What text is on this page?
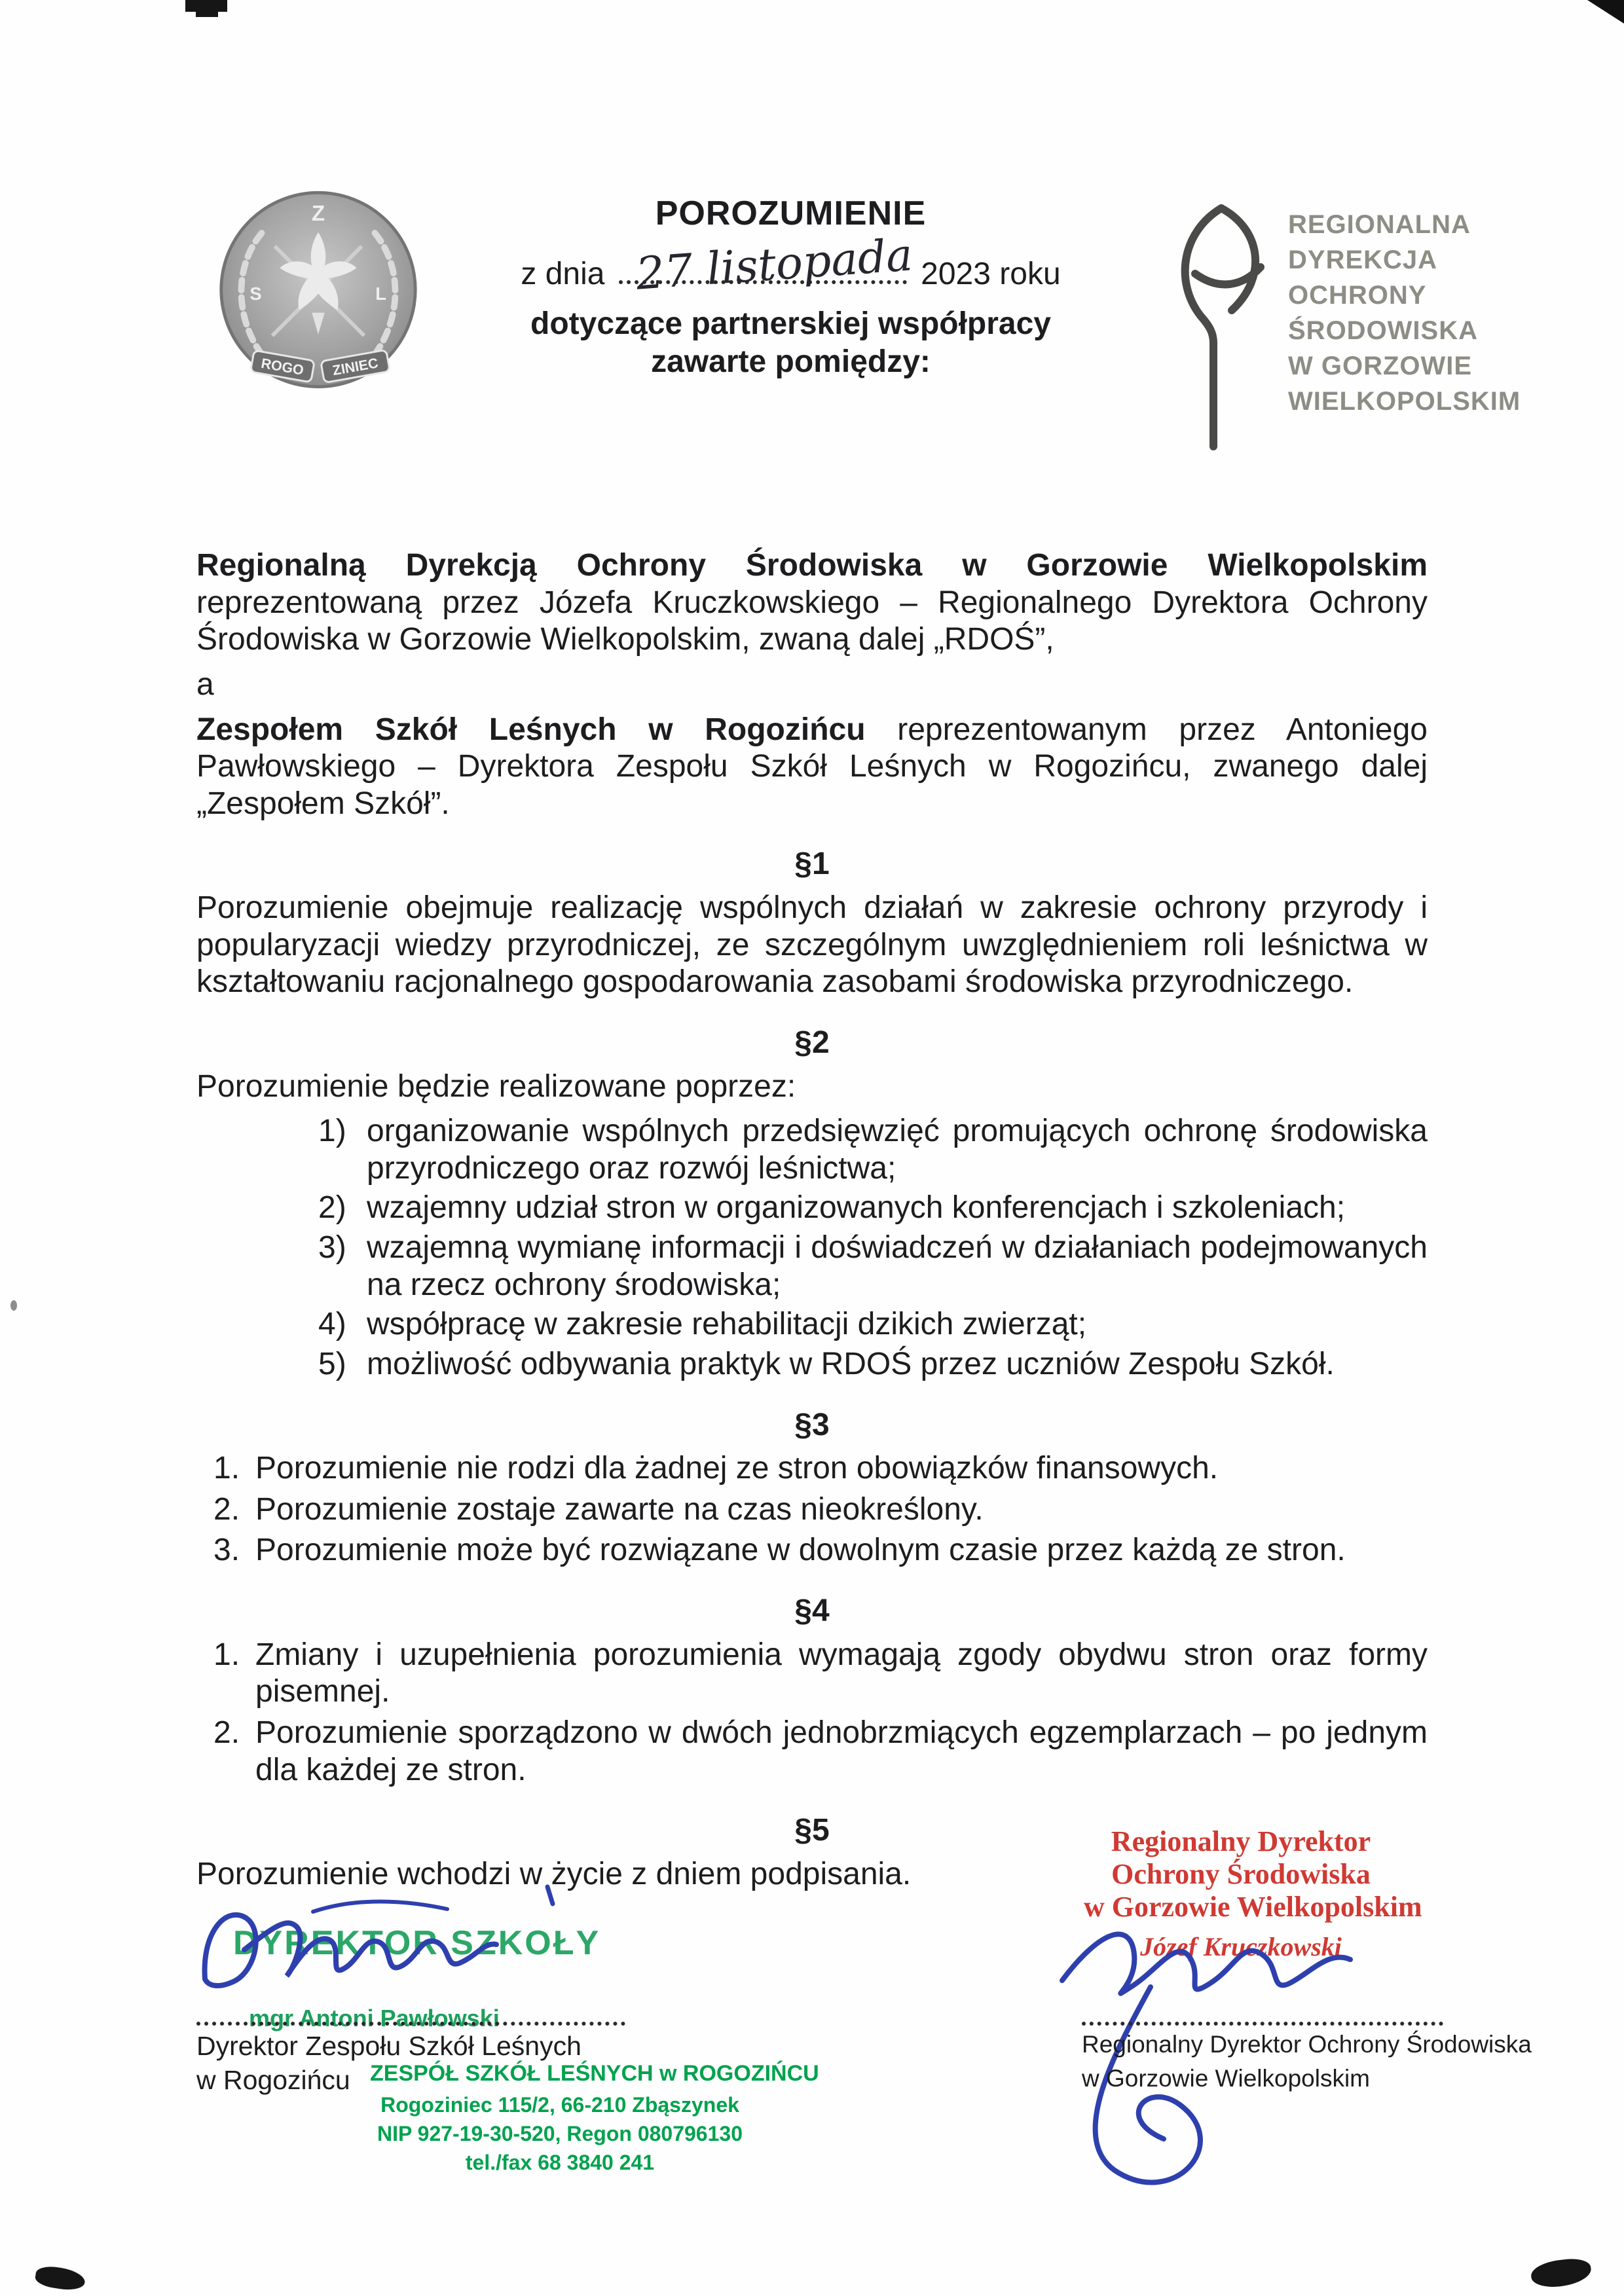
Z
S	L
ROGO ZINIEC
POROZUMIENIE
z dnia 27 listopada 2023 roku
dotyczące partnerskiej współpracy
zawarte pomiędzy:
REGIONALNA
DYREKCJA
OCHRONY
ŚRODOWISKA
W GORZOWIE
WIELKOPOLSKIM

Regionalną Dyrekcją Ochrony Środowiska w Gorzowie Wielkopolskim reprezentowaną przez Józefa Kruczkowskiego – Regionalnego Dyrektora Ochrony Środowiska w Gorzowie Wielkopolskim, zwaną dalej „RDOŚ”,

a

Zespołem Szkół Leśnych w Rogozińcu reprezentowanym przez Antoniego Pawłowskiego – Dyrektora Zespołu Szkół Leśnych w Rogozińcu, zwanego dalej „Zespołem Szkół”.

§1

Porozumienie obejmuje realizację wspólnych działań w zakresie ochrony przyrody i popularyzacji wiedzy przyrodniczej, ze szczególnym uwzględnieniem roli leśnictwa w kształtowaniu racjonalnego gospodarowania zasobami środowiska przyrodniczego.

§2

Porozumienie będzie realizowane poprzez:

1) organizowanie wspólnych przedsięwzięć promujących ochronę środowiska przyrodniczego oraz rozwój leśnictwa;
2) wzajemny udział stron w organizowanych konferencjach i szkoleniach;
3) wzajemną wymianę informacji i doświadczeń w działaniach podejmowanych na rzecz ochrony środowiska;
4) współpracę w zakresie rehabilitacji dzikich zwierząt;
5) możliwość odbywania praktyk w RDOŚ przez uczniów Zespołu Szkół.
§3
1. Porozumienie nie rodzi dla żadnej ze stron obowiązków finansowych.
2. Porozumienie zostaje zawarte na czas nieokreślony.
3. Porozumienie może być rozwiązane w dowolnym czasie przez każdą ze stron.
§4
1. Zmiany i uzupełnienia porozumienia wymagają zgody obydwu stron oraz formy pisemnej.
2. Porozumienie sporządzono w dwóch jednobrzmiących egzemplarzach – po jednym dla każdej ze stron.
§5

Porozumienie wchodzi w życie z dniem podpisania.

DYREKTOR SZKOŁY
mgr Antoni Pawłowski
Dyrektor Zespołu Szkół Leśnych
w Rogozińcu ZESPÓŁ SZKÓŁ LEŚNYCH w ROGOZIŃCU
Rogoziniec 115/2, 66-210 Zbąszynek
NIP 927-19-30-520, Regon 080796130
tel./fax 68 3840 241
Regionalny Dyrektor
Ochrony Środowiska
w Gorzowie Wielkopolskim
Józef Kruczkowski
Regionalny Dyrektor Ochrony Środowiska
w Gorzowie Wielkopolskim
